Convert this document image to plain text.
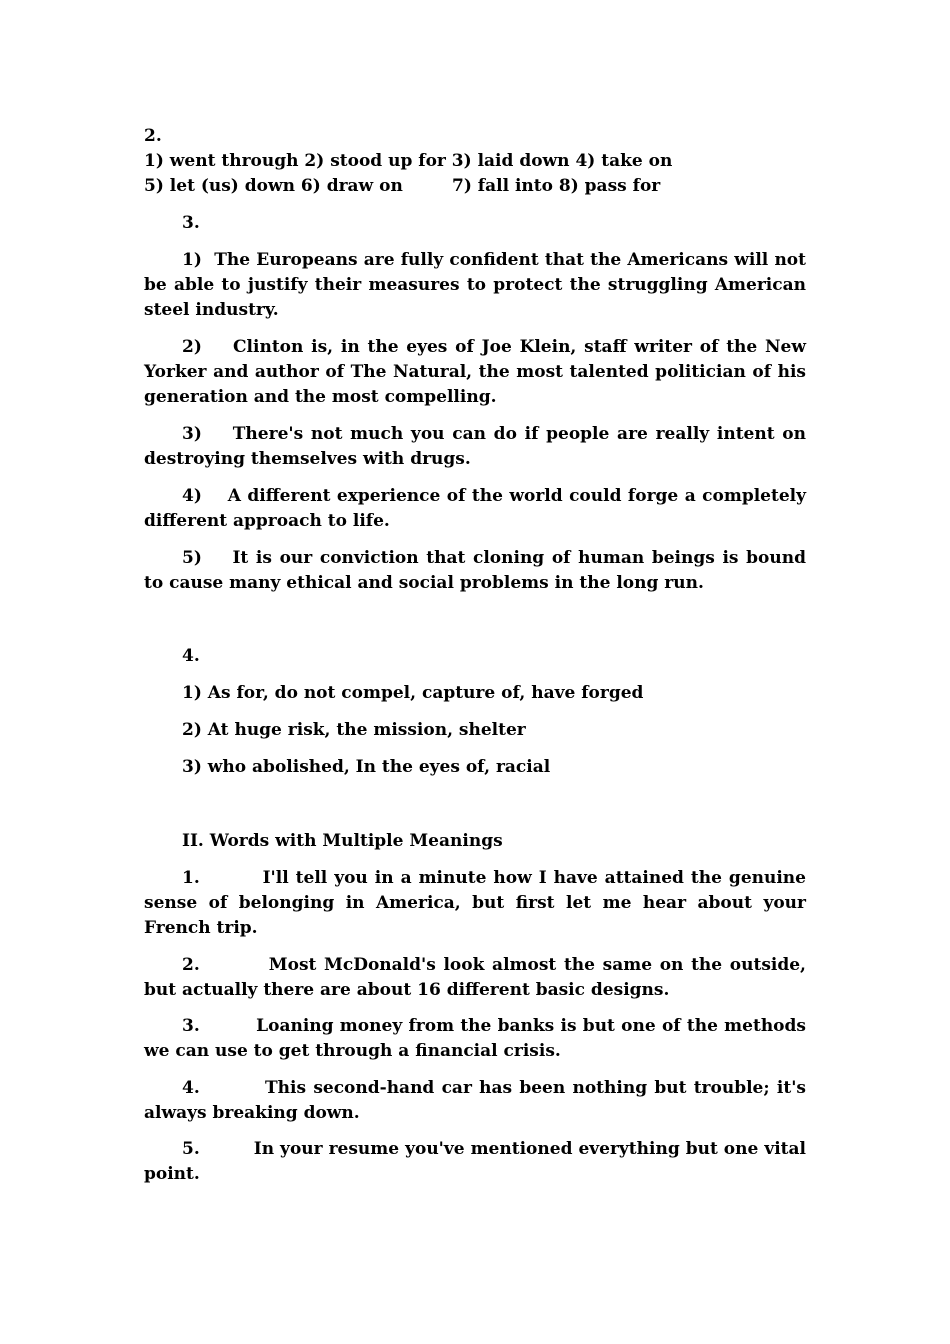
2.
1) went through 2) stood up for 3) laid down 4) take on
5) let (us) down 6) draw on	7) fall into 8) pass for
3.
1) The Europeans are fully confident that the Americans will not be able to justify their measures to protect the struggling American steel industry.
2) Clinton is, in the eyes of Joe Klein, staff writer of the New Yorker and author of The Natural, the most talented politician of his generation and the most compelling.
3) There's not much you can do if people are really intent on destroying themselves with drugs.
4) A different experience of the world could forge a completely different approach to life.
5) It is our conviction that cloning of human beings is bound to cause many ethical and social problems in the long run.
4.
1) As for, do not compel, capture of, have forged
2) At huge risk, the mission, shelter
3) who abolished, In the eyes of, racial
II. Words with Multiple Meanings
1.	I'll tell you in a minute how I have attained the genuine sense of belonging in America, but first let me hear about your French trip.
2.	Most McDonald's look almost the same on the outside, but actually there are about 16 different basic designs.
3.	Loaning money from the banks is but one of the methods we can use to get through a financial crisis.
4.	This second-hand car has been nothing but trouble; it's always breaking down.
5.	In your resume you've mentioned everything but one vital point.
